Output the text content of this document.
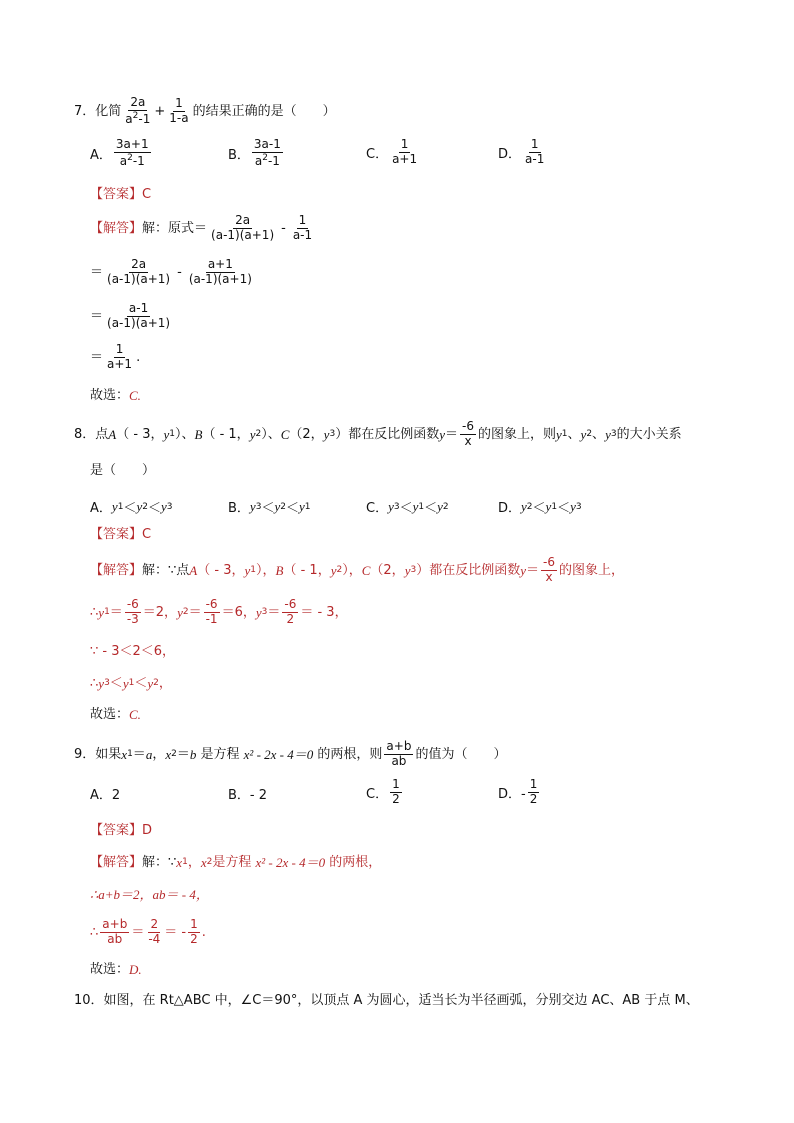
7．化简 $\frac{2a}{a^2-1} + \frac{1}{1-a}$ 的结果正确的是（　　）
A． $\frac{3a+1}{a^2-1}$	B． $\frac{3a-1}{a^2-1}$	C． $\frac{1}{a+1}$	D． $\frac{1}{a-1}$
【答案】C
【解答】 解：原式＝ $\frac{2a}{(a-1)(a+1)} - \frac{1}{a-1}$
＝ $\frac{2a}{(a-1)(a+1)} - \frac{a+1}{(a-1)(a+1)}$
＝ $\frac{a-1}{(a-1)(a+1)}$
＝ $\frac{1}{a+1}$ .
故选： C.
8．点 A （ - 3， y 1 ）、 B （ - 1， y 2 ）、 C （2， y 3 ） 都在反比例函数 $y = \frac{-6}{x}$ 的图象上，则 y 1 、 y 2 、 y 3 的大小关系
是（　　）
A． y 1 ＜ y 2 ＜ y 3	B． y 3 ＜ y 2 ＜ y 1	C． y 3 ＜ y 1 ＜ y 2	D． y 2 ＜ y 1 ＜ y 3
【答案】C
【解答】 解：∵点 A （ - 3， y 1 ）， B （ - 1， y 2 ）， C （2， y 3 ） 都在反比例函数 $y = \frac{-6}{x}$ 的图象上，
∴ y $1 = \frac{-6}{-3} =2$， y $2 = \frac{-6}{-1} =6$， y $3 = \frac{-6}{2}$ ＝ - 3，
∵ - 3＜2＜6，
∴ y 3 ＜ y 1 ＜ y 2 ，
故选： C.
9．如果 x 1 ＝ a ， x 2 ＝ b
是方程
x² - 2x - 4＝0
的两根，则 $\frac{a+b}{ab}$ 的值为（　　）
A．2	B．- 2	C． $\frac{1}{2}$	D．- $\frac{1}{2}$
【答案】D
【解答】 解：∵ x 1 ， x 2 是方程
x² - 2x - 4＝0
的两根，
∴a+b＝2，ab＝ - 4，
∴ $\frac{a+b}{ab} = \frac{2}{-4}$ ＝ - $\frac{1}{2}$ .
故选： D.
10．如图，在 Rt△ABC 中，∠C＝90°，以顶点 A 为圆心，适当长为半径画弧，分别交边 AC、AB 于点 M、
